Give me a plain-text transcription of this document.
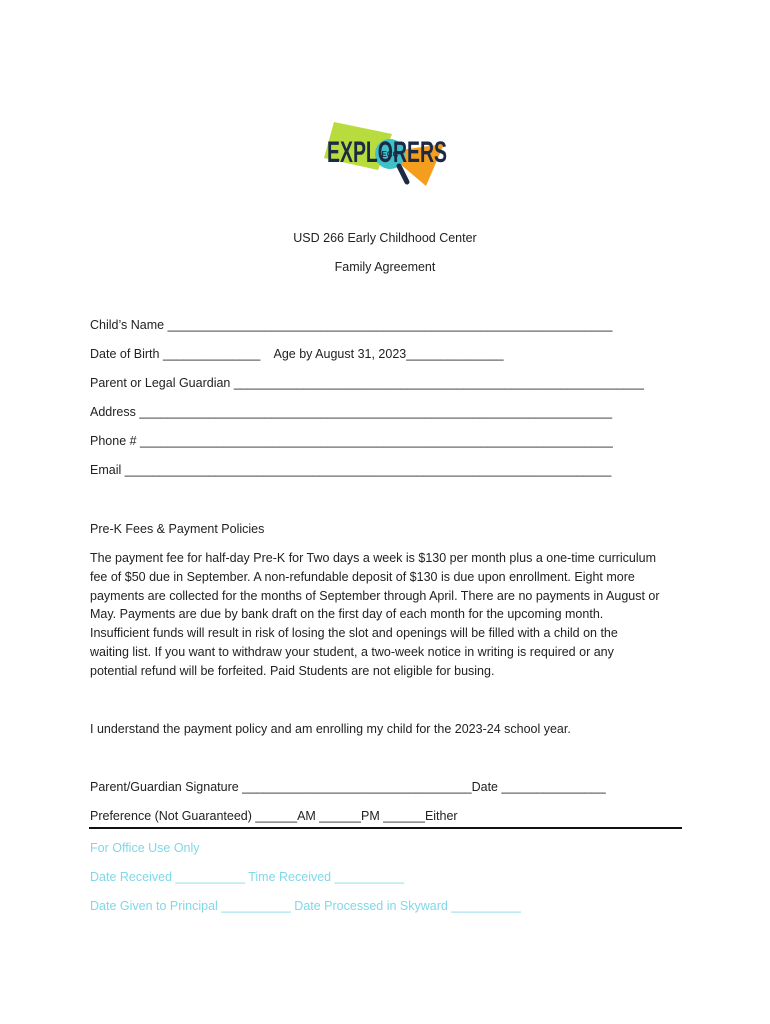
ECC
EXPLORERS
USD 266 Early Childhood Center
Family Agreement
Child’s Name ________________________________________________________________
Date of Birth ______________    Age by August 31, 2023______________
Parent or Legal Guardian ___________________________________________________________
Address ____________________________________________________________________
Phone # ____________________________________________________________________
Email ______________________________________________________________________
Pre-K Fees & Payment Policies
The payment fee for half-day Pre-K for Two days a week is $130 per month plus a one-time curriculum
fee of $50 due in September. A non-refundable deposit of $130 is due upon enrollment. Eight more
payments are collected for the months of September through April. There are no payments in August or
May. Payments are due by bank draft on the first day of each month for the upcoming month.
Insufficient funds will result in risk of losing the slot and openings will be filled with a child on the
waiting list. If you want to withdraw your student, a two-week notice in writing is required or any
potential refund will be forfeited. Paid Students are not eligible for busing.
I understand the payment policy and am enrolling my child for the 2023-24 school year.
Parent/Guardian Signature _________________________________Date _______________
Preference (Not Guaranteed) ______AM ______PM ______Either
For Office Use Only
Date Received __________ Time Received __________
Date Given to Principal __________ Date Processed in Skyward __________
